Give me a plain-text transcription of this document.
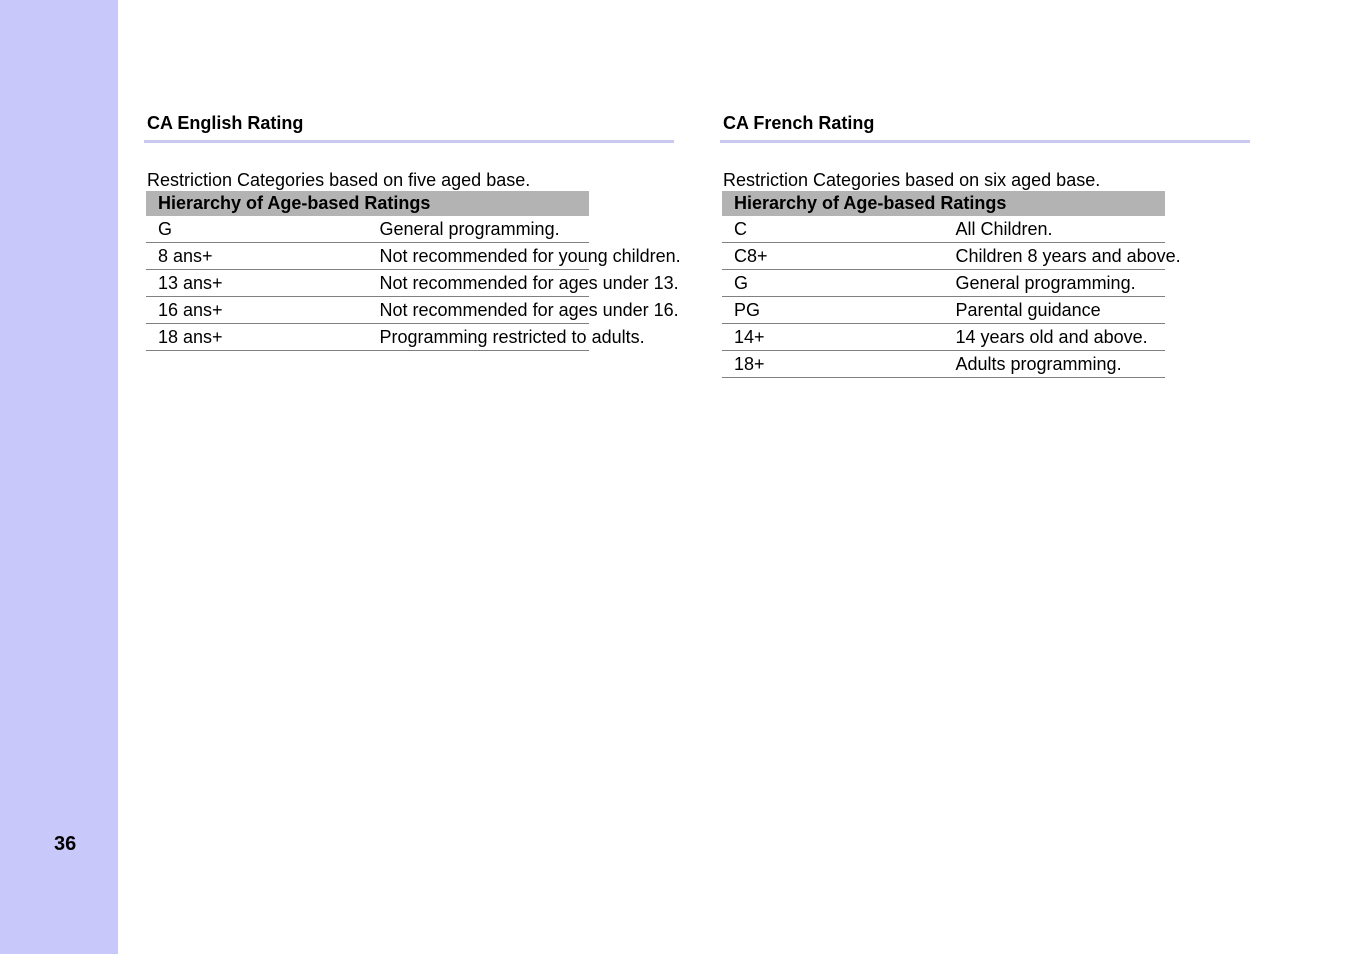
36
CA English Rating
Restriction Categories based on five aged base.
Hierarchy of Age-based Ratings	
G	General programming.
8 ans+	Not recommended for young children.
13 ans+	Not recommended for ages under 13.
16 ans+	Not recommended for ages under 16.
18 ans+	Programming restricted to adults.
CA French Rating
Restriction Categories based on six aged base.
Hierarchy of Age-based Ratings	
C	All Children.
C8+	Children 8 years and above.
G	General programming.
PG	Parental guidance
14+	14 years old and above.
18+	Adults programming.
